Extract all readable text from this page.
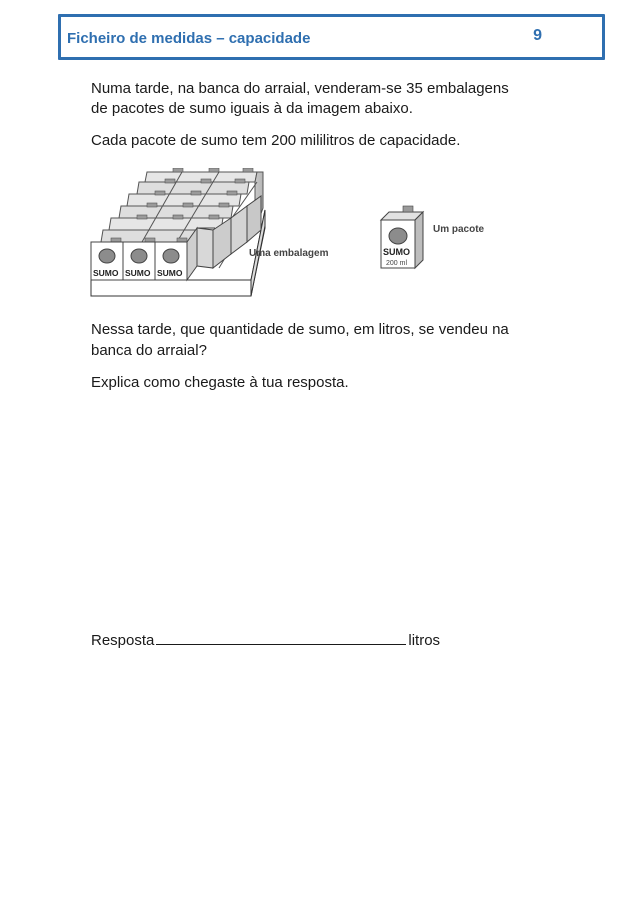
Ficheiro de medidas – capacidade	9
Numa tarde, na banca do arraial, venderam-se 35 embalagens
de pacotes de sumo iguais à da imagem abaixo.
Cada pacote de sumo tem 200 mililitros de capacidade.
SUMO SUMO SUMO
Uma embalagem	SUMO
200 ml
Um pacote
Nessa tarde, que quantidade de sumo, em litros, se vendeu na
banca do arraial?
Explica como chegaste à tua resposta.
Resposta	litros
